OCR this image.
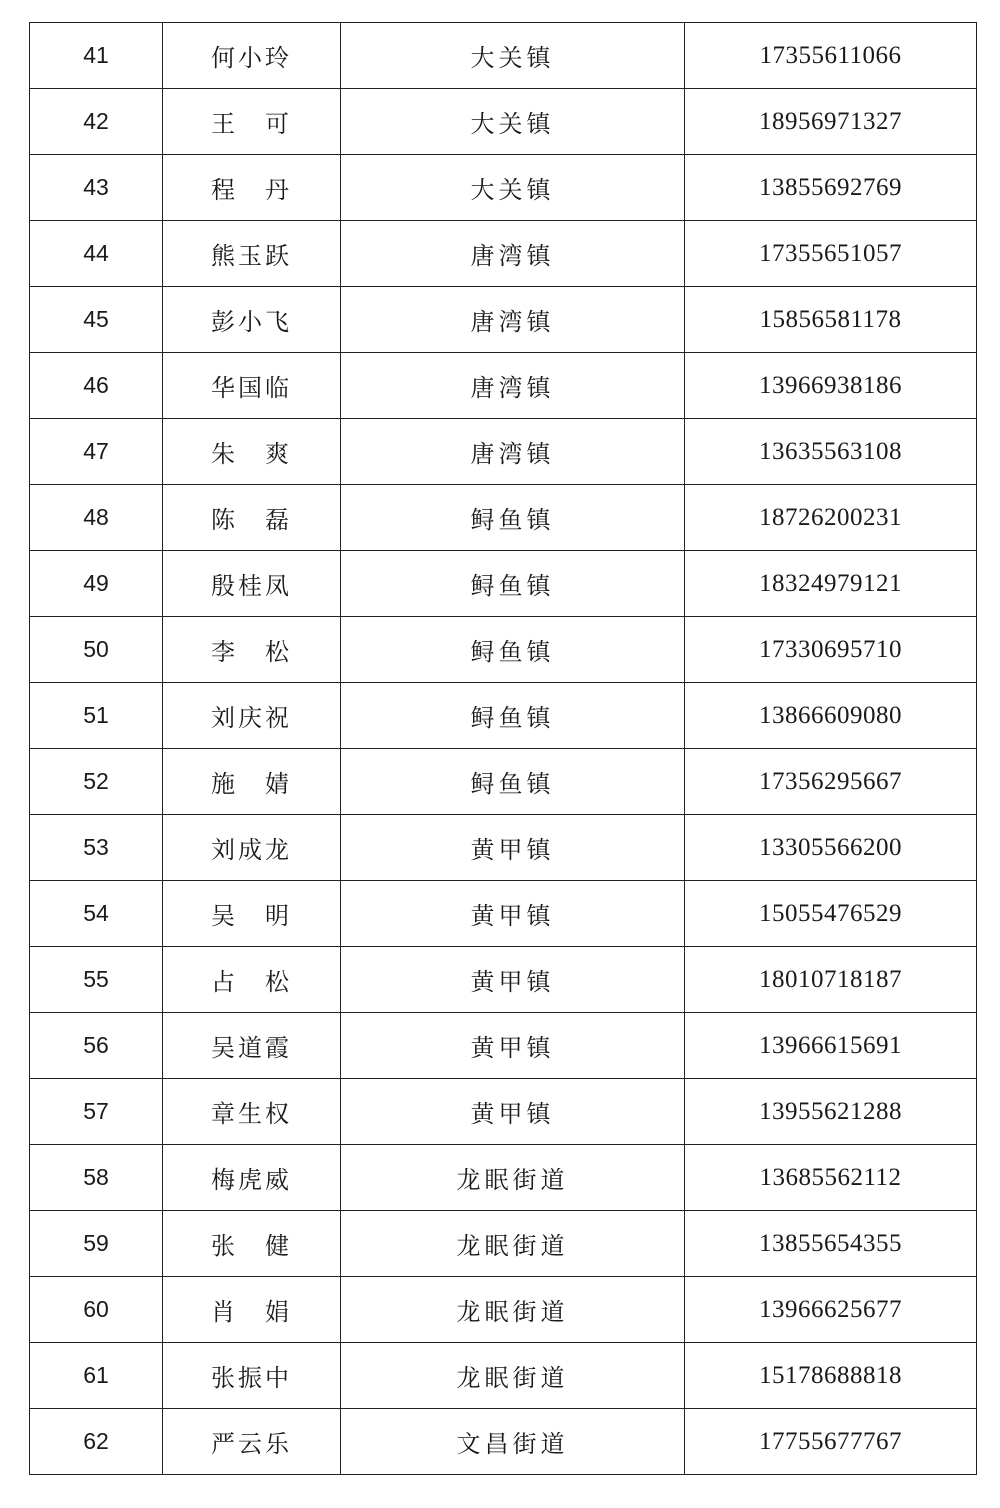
41	何小玲	大关镇	17355611066
42	王　可	大关镇	18956971327
43	程　丹	大关镇	13855692769
44	熊玉跃	唐湾镇	17355651057
45	彭小飞	唐湾镇	15856581178
46	华国临	唐湾镇	13966938186
47	朱　爽	唐湾镇	13635563108
48	陈　磊	鲟鱼镇	18726200231
49	殷桂凤	鲟鱼镇	18324979121
50	李　松	鲟鱼镇	17330695710
51	刘庆祝	鲟鱼镇	13866609080
52	施　婧	鲟鱼镇	17356295667
53	刘成龙	黄甲镇	13305566200
54	吴　明	黄甲镇	15055476529
55	占　松	黄甲镇	18010718187
56	吴道霞	黄甲镇	13966615691
57	章生权	黄甲镇	13955621288
58	梅虎威	龙眠街道	13685562112
59	张　健	龙眠街道	13855654355
60	肖　娟	龙眠街道	13966625677
61	张振中	龙眠街道	15178688818
62	严云乐	文昌街道	17755677767
